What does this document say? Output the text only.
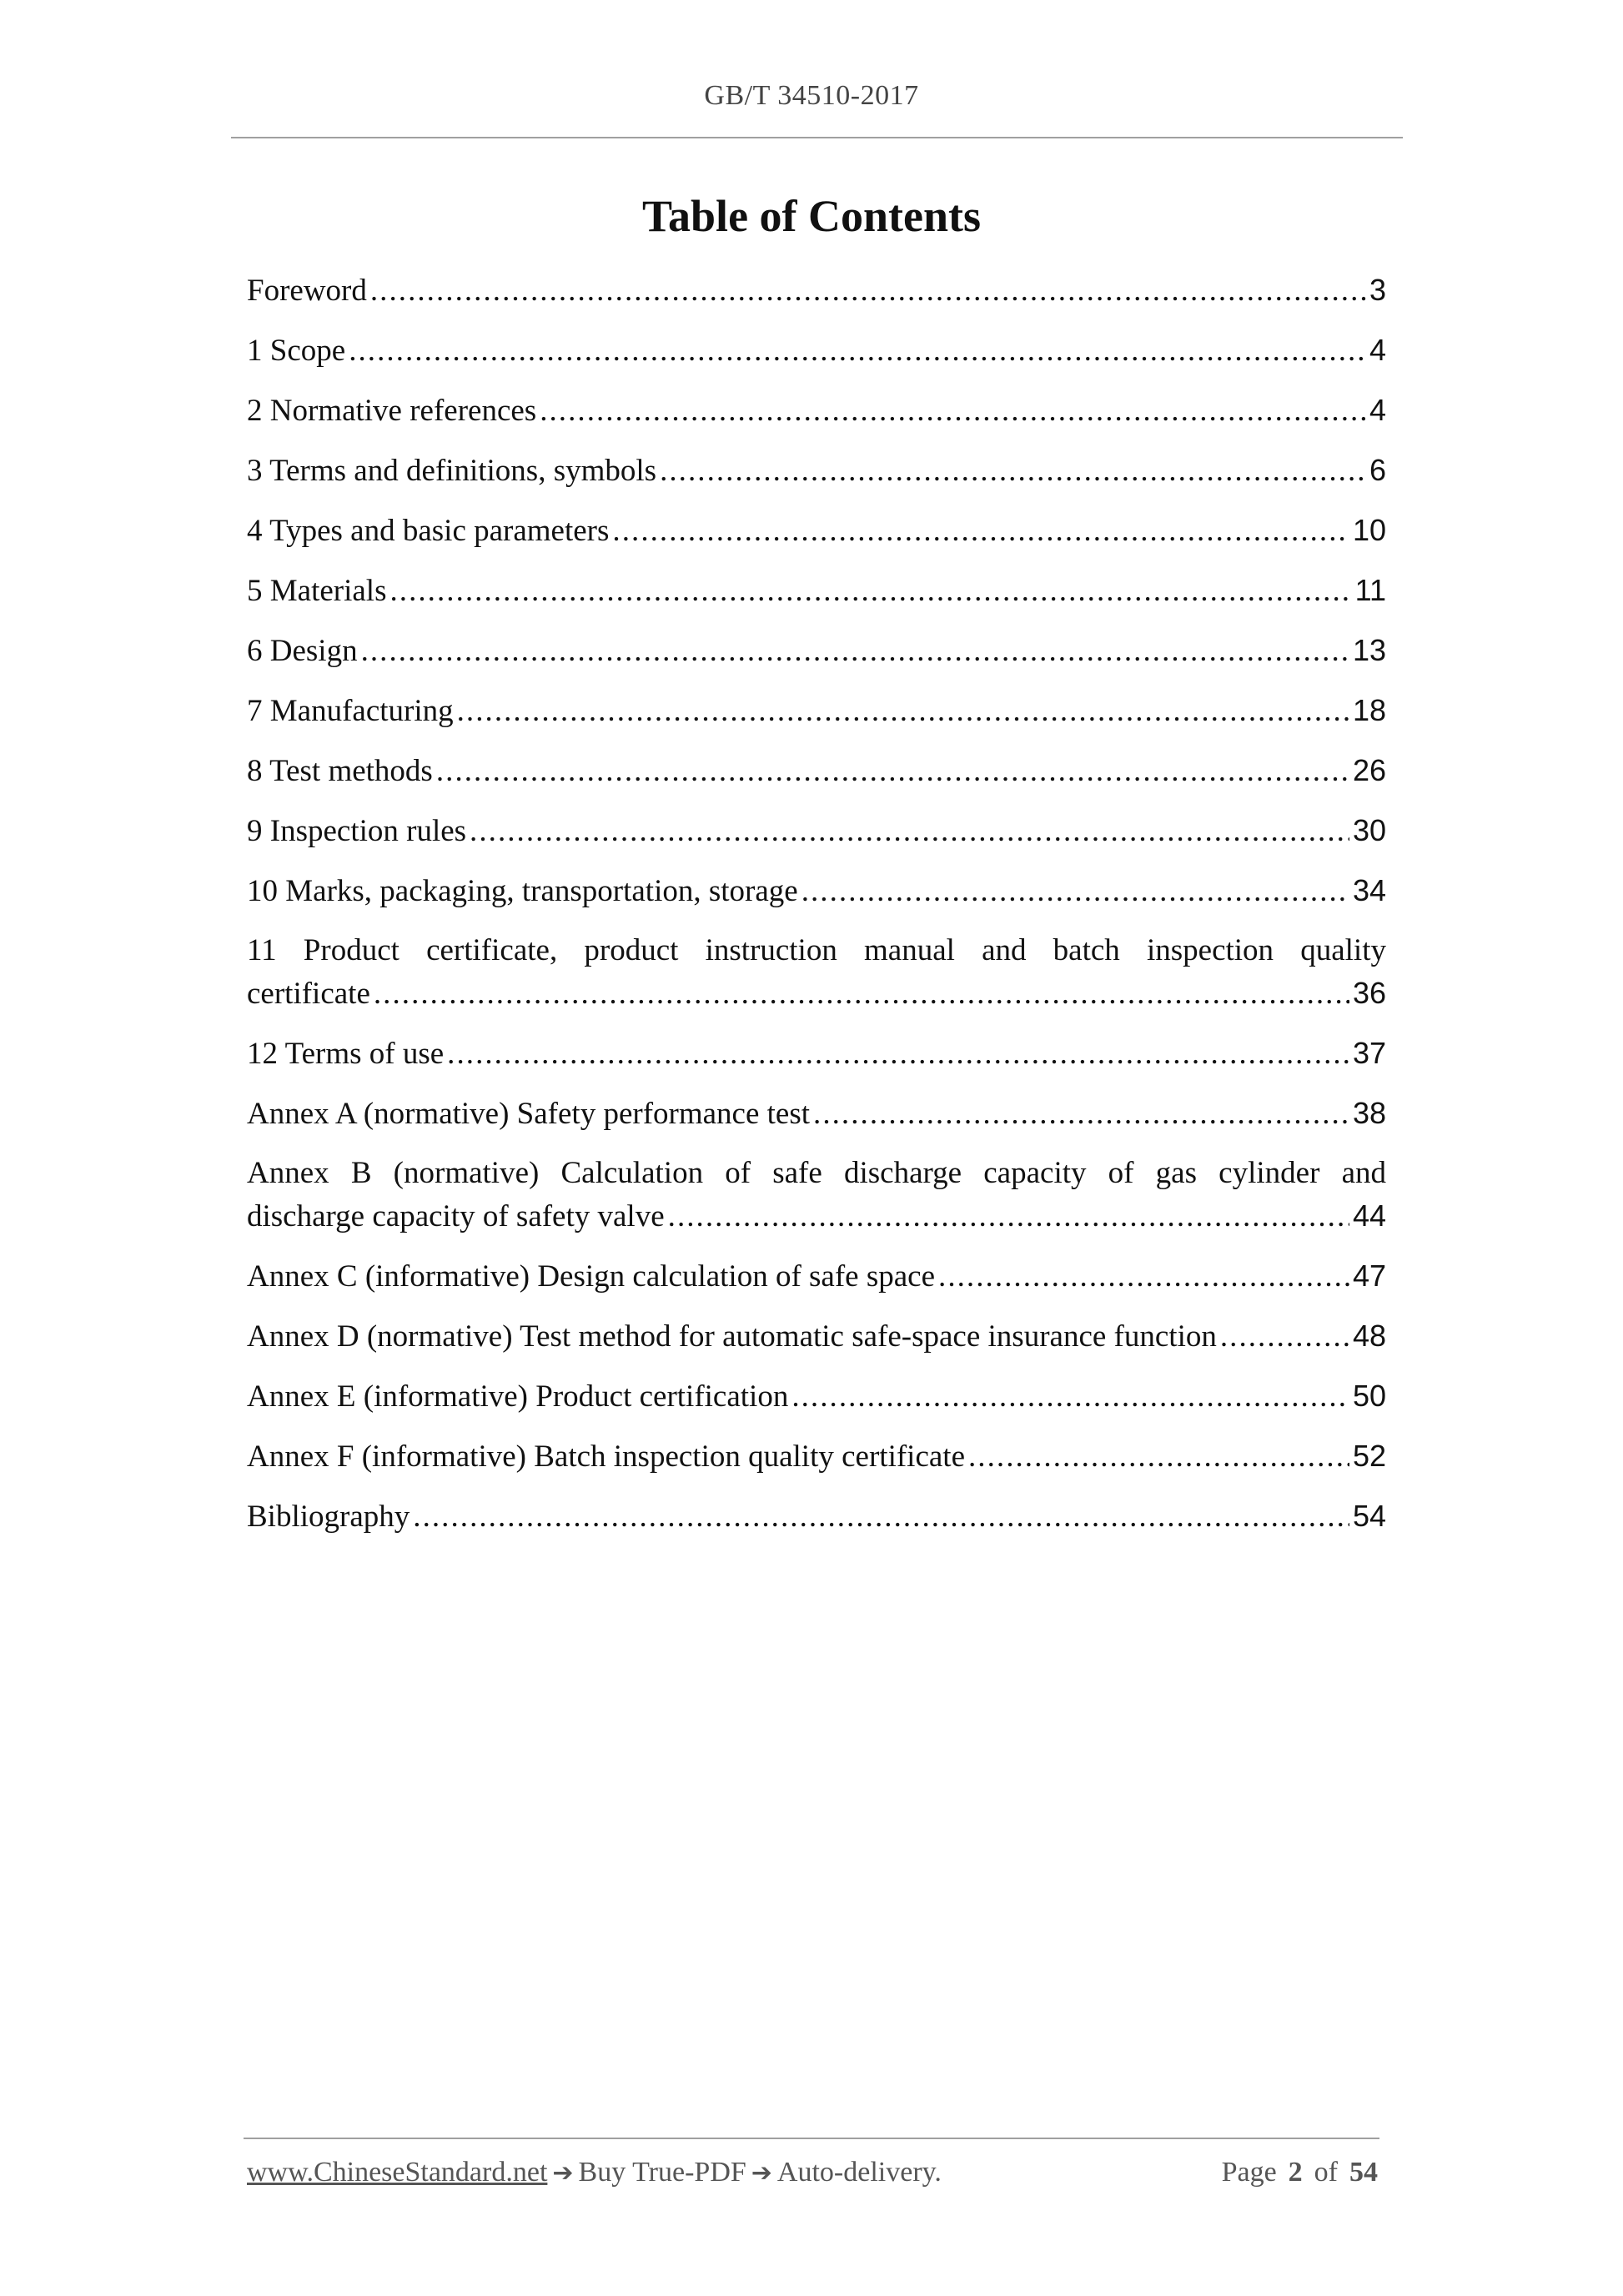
GB/T 34510-2017
Table of Contents
Foreword . . .	3
1 Scope . . .	4
2 Normative references . . .	4
3 Terms and definitions, symbols . . .	6
4 Types and basic parameters . . .	10
5 Materials . . .	11
6 Design . . .	13
7 Manufacturing . . .	18
8 Test methods . . .	26
9 Inspection rules . . .	30
10 Marks, packaging, transportation, storage . . .	34
11 Product certificate, product instruction manual and batch inspection quality
certificate . . .	36
12 Terms of use . . .	37
Annex A (normative) Safety performance test . . .	38
Annex B (normative) Calculation of safe discharge capacity of gas cylinder and
discharge capacity of safety valve . . .	44
Annex C (informative) Design calculation of safe space . . .	47
Annex D (normative) Test method for automatic safe-space insurance function . . .	48
Annex E (informative) Product certification . . .	50
Annex F (informative) Batch inspection quality certificate . . .	52
Bibliography . . .	54
www.ChineseStandard.net ➔ Buy True-PDF ➔ Auto-delivery.	Page 2 of 54
